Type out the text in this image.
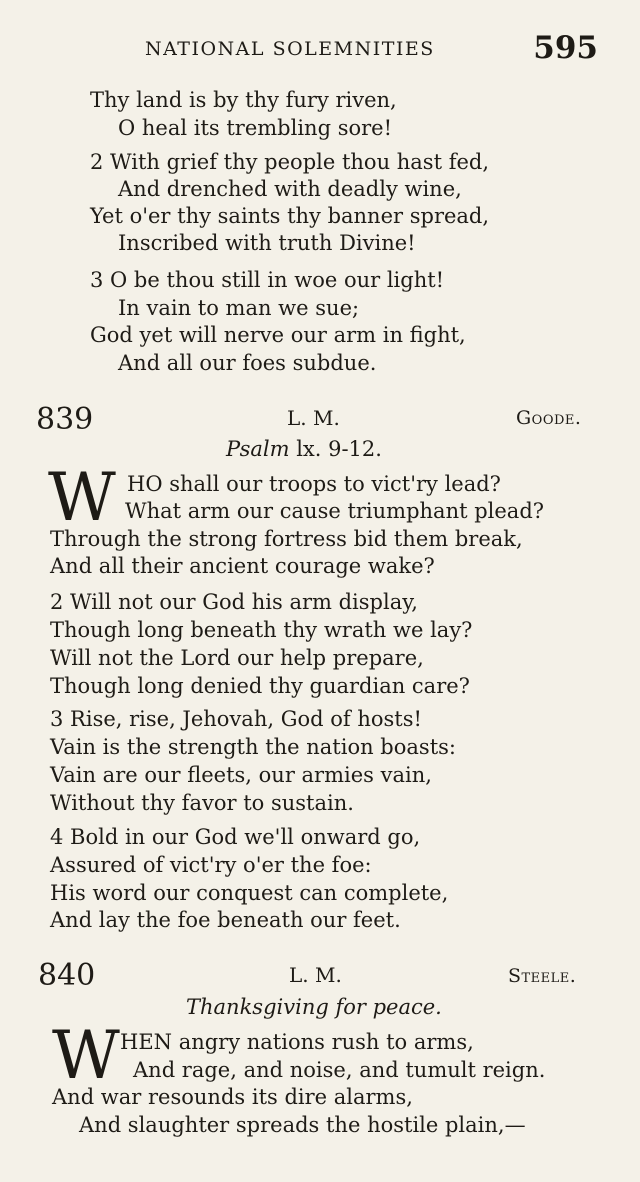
NATIONAL SOLEMNITIES	595
Thy land is by thy fury riven,
O heal its trembling sore!
2 With grief thy people thou hast fed,
And drenched with deadly wine,
Yet o'er thy saints thy banner spread,
Inscribed with truth Divine!
3 O be thou still in woe our light!
In vain to man we sue;
God yet will nerve our arm in fight,
And all our foes subdue.
839	L. M.	Goode.
Psalm lx. 9-12.
W HO shall our troops to vict'ry lead?
What arm our cause triumphant plead?
Through the strong fortress bid them break,
And all their ancient courage wake?
2 Will not our God his arm display,
Though long beneath thy wrath we lay?
Will not the Lord our help prepare,
Though long denied thy guardian care?
3 Rise, rise, Jehovah, God of hosts!
Vain is the strength the nation boasts:
Vain are our fleets, our armies vain,
Without thy favor to sustain.
4 Bold in our God we'll onward go,
Assured of vict'ry o'er the foe:
His word our conquest can complete,
And lay the foe beneath our feet.
840	L. M.	Steele.
Thanksgiving for peace.
W HEN angry nations rush to arms,
And rage, and noise, and tumult reign.
And war resounds its dire alarms,
And slaughter spreads the hostile plain,—
